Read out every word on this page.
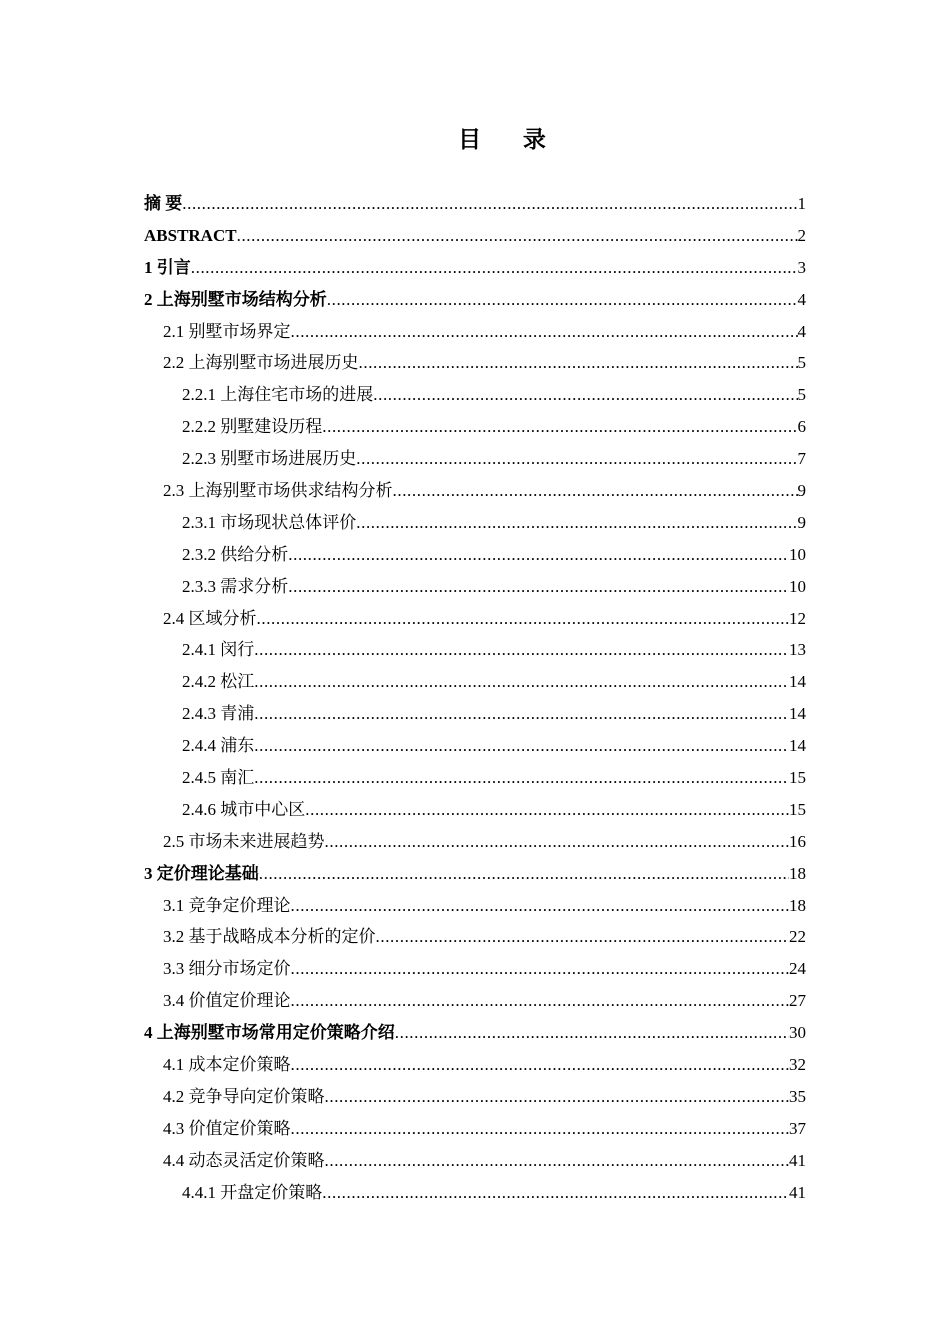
目 录
摘 要 .....	1
ABSTRACT .....	2
1 引言 .....	3
2 上海别墅市场结构分析 .....	4
2.1 别墅市场界定 .....	4
2.2 上海别墅市场进展历史 .....	5
2.2.1 上海住宅市场的进展 .....	5
2.2.2 别墅建设历程 .....	6
2.2.3 别墅市场进展历史 .....	7
2.3 上海别墅市场供求结构分析 .....	9
2.3.1 市场现状总体评价 .....	9
2.3.2 供给分析 .....	10
2.3.3 需求分析 .....	10
2.4 区域分析 .....	12
2.4.1 闵行 .....	13
2.4.2 松江 .....	14
2.4.3 青浦 .....	14
2.4.4 浦东 .....	14
2.4.5 南汇 .....	15
2.4.6 城市中心区 .....	15
2.5 市场未来进展趋势 .....	16
3 定价理论基础 .....	18
3.1 竞争定价理论 .....	18
3.2 基于战略成本分析的定价 .....	22
3.3 细分市场定价 .....	24
3.4 价值定价理论 .....	27
4 上海别墅市场常用定价策略介绍 .....	30
4.1 成本定价策略 .....	32
4.2 竞争导向定价策略 .....	35
4.3 价值定价策略 .....	37
4.4 动态灵活定价策略 .....	41
4.4.1 开盘定价策略 .....	41
